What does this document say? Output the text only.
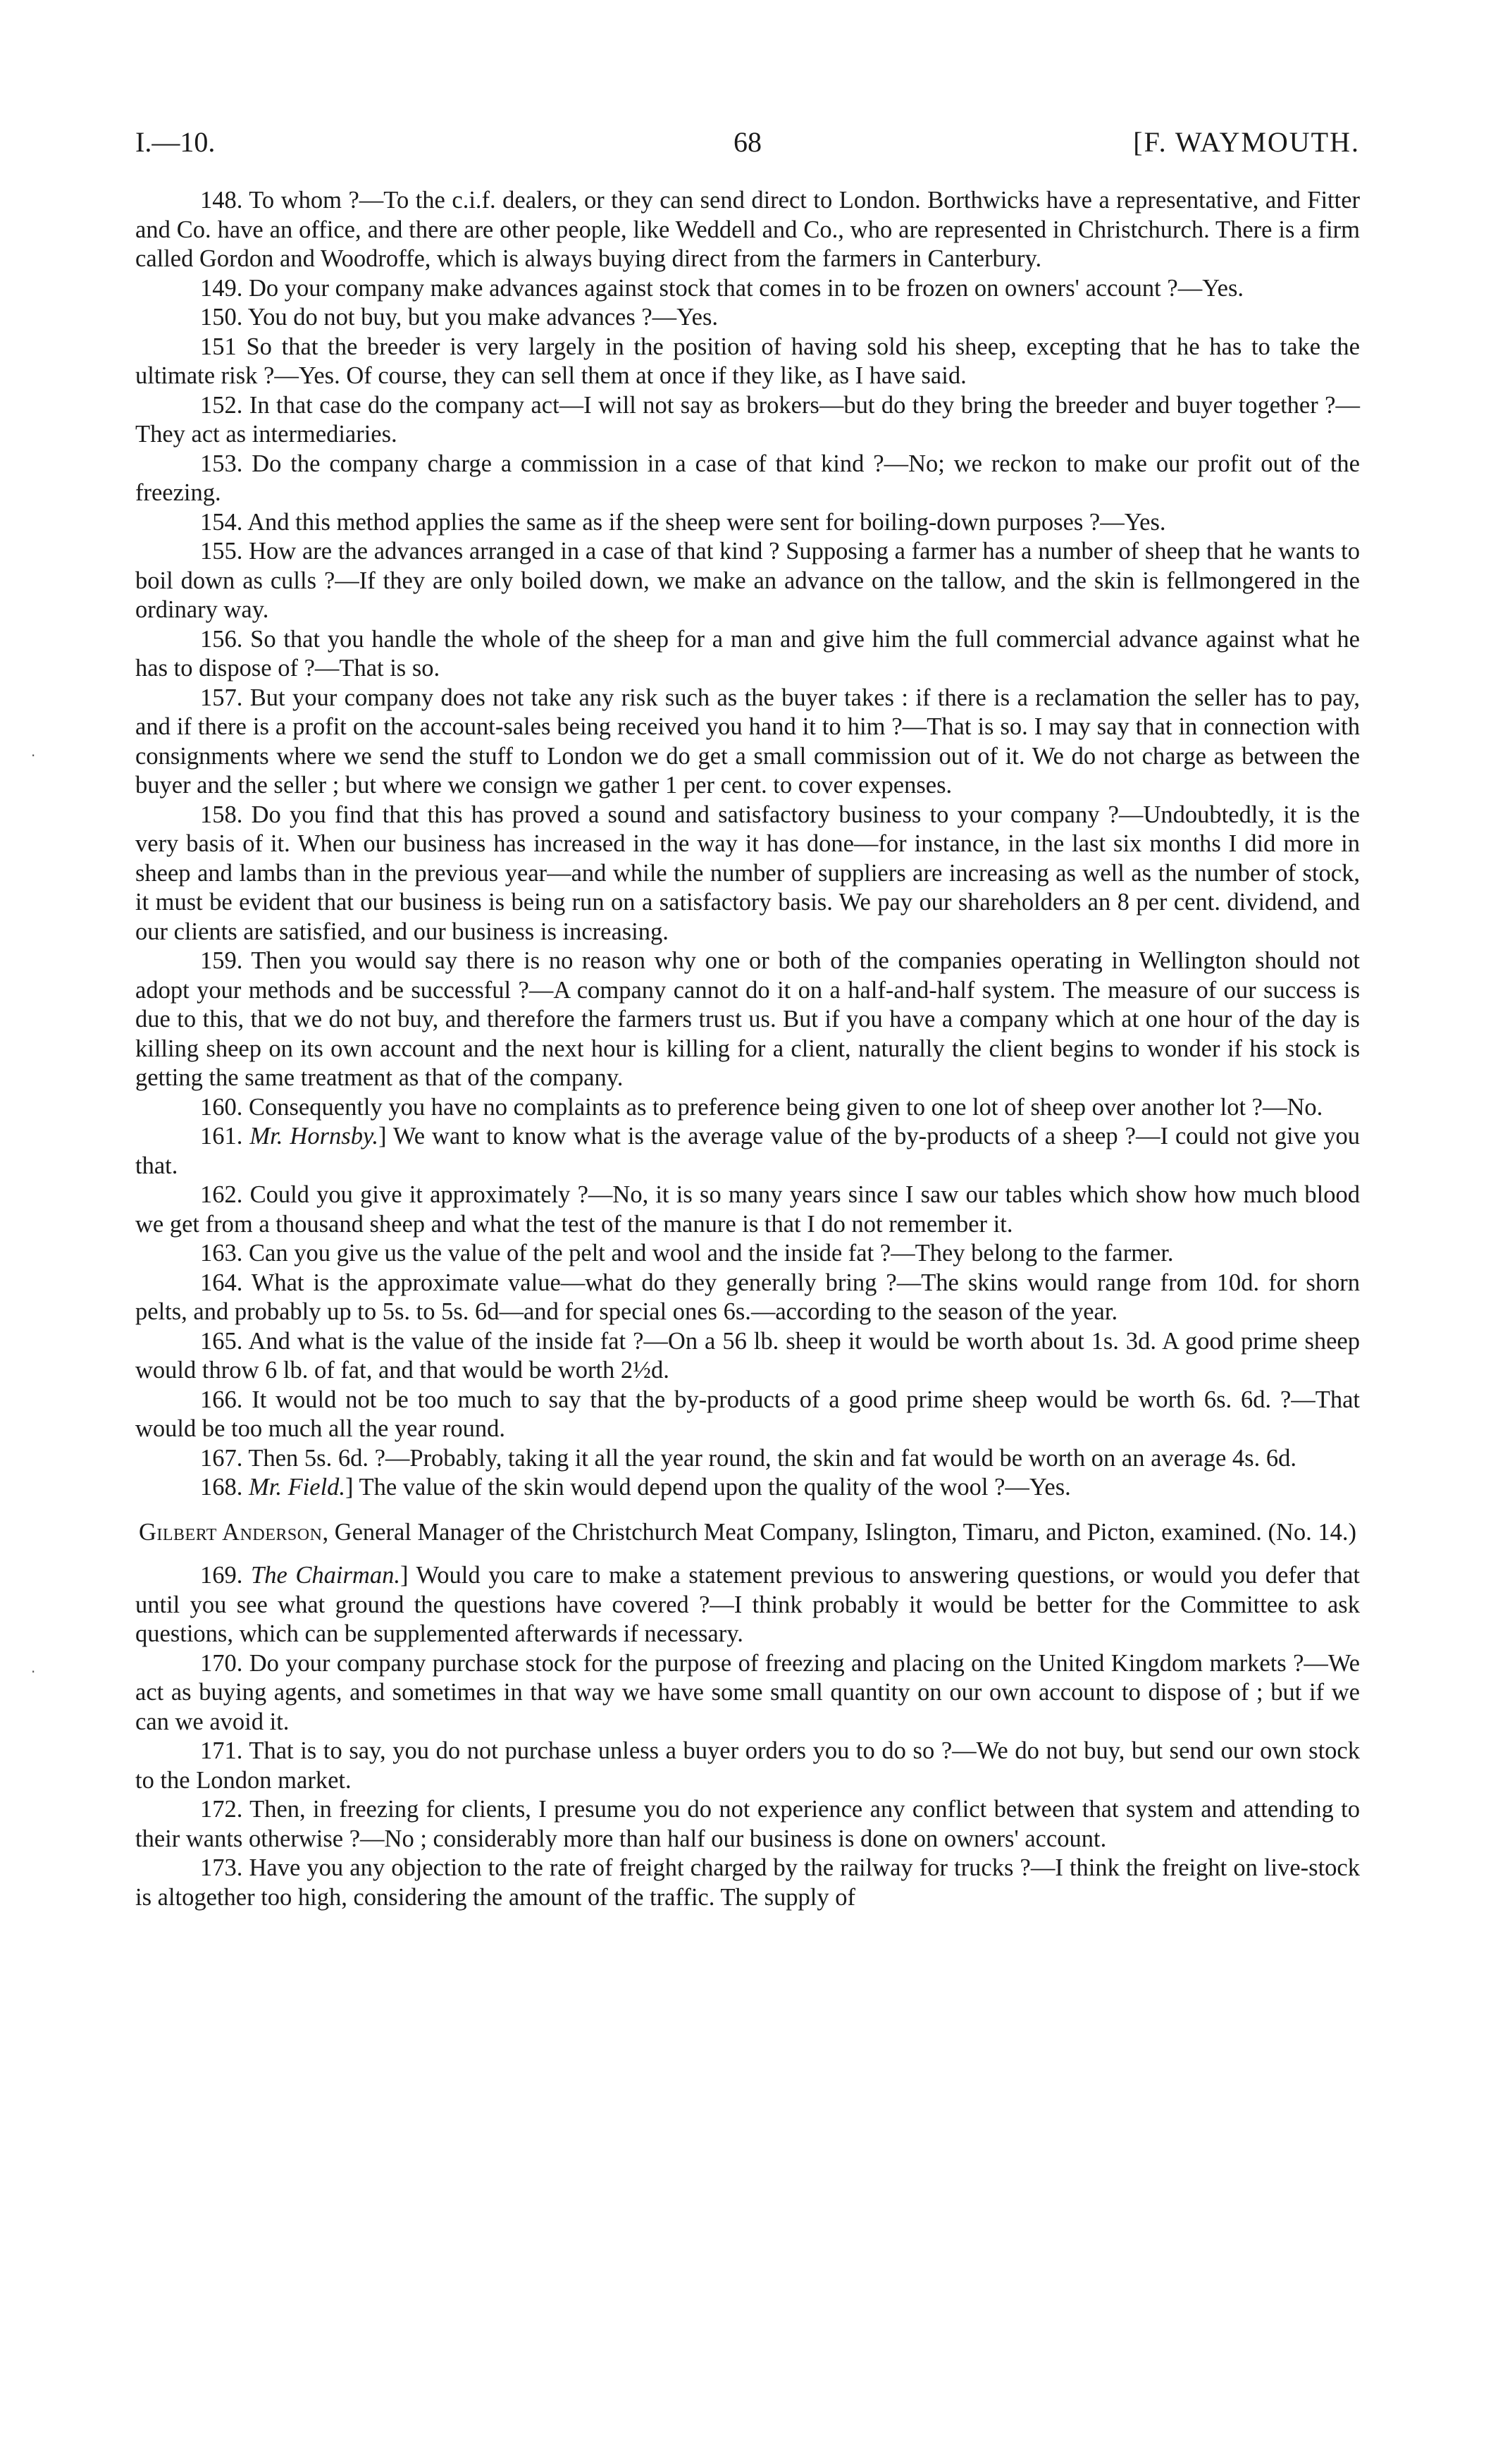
I.—10.	68	[F. WAYMOUTH.
·
·

148. To whom ?—To the c.i.f. dealers, or they can send direct to London. Borthwicks have a representative, and Fitter and Co. have an office, and there are other people, like Weddell and Co., who are represented in Christchurch. There is a firm called Gordon and Woodroffe, which is always buying direct from the farmers in Canterbury.

149. Do your company make advances against stock that comes in to be frozen on owners' account ?—Yes.

150. You do not buy, but you make advances ?—Yes.

151 So that the breeder is very largely in the position of having sold his sheep, excepting that he has to take the ultimate risk ?—Yes. Of course, they can sell them at once if they like, as I have said.

152. In that case do the company act—I will not say as brokers—but do they bring the breeder and buyer together ?—They act as intermediaries.

153. Do the company charge a commission in a case of that kind ?—No; we reckon to make our profit out of the freezing.

154. And this method applies the same as if the sheep were sent for boiling-down purposes ?—Yes.

155. How are the advances arranged in a case of that kind ? Supposing a farmer has a number of sheep that he wants to boil down as culls ?—If they are only boiled down, we make an advance on the tallow, and the skin is fellmongered in the ordinary way.

156. So that you handle the whole of the sheep for a man and give him the full commercial advance against what he has to dispose of ?—That is so.

157. But your company does not take any risk such as the buyer takes : if there is a reclamation the seller has to pay, and if there is a profit on the account-sales being received you hand it to him ?—That is so. I may say that in connection with consignments where we send the stuff to London we do get a small commission out of it. We do not charge as between the buyer and the seller ; but where we consign we gather 1 per cent. to cover expenses.

158. Do you find that this has proved a sound and satisfactory business to your company ?—Undoubtedly, it is the very basis of it. When our business has increased in the way it has done—for instance, in the last six months I did more in sheep and lambs than in the previous year—and while the number of suppliers are increasing as well as the number of stock, it must be evident that our business is being run on a satisfactory basis. We pay our shareholders an 8 per cent. dividend, and our clients are satisfied, and our business is increasing.

159. Then you would say there is no reason why one or both of the companies operating in Wellington should not adopt your methods and be successful ?—A company cannot do it on a half-and-half system. The measure of our success is due to this, that we do not buy, and therefore the farmers trust us. But if you have a company which at one hour of the day is killing sheep on its own account and the next hour is killing for a client, naturally the client begins to wonder if his stock is getting the same treatment as that of the company.

160. Consequently you have no complaints as to preference being given to one lot of sheep over another lot ?—No.

161. Mr. Hornsby.] We want to know what is the average value of the by-products of a sheep ?—I could not give you that.

162. Could you give it approximately ?—No, it is so many years since I saw our tables which show how much blood we get from a thousand sheep and what the test of the manure is that I do not remember it.

163. Can you give us the value of the pelt and wool and the inside fat ?—They belong to the farmer.

164. What is the approximate value—what do they generally bring ?—The skins would range from 10d. for shorn pelts, and probably up to 5s. to 5s. 6d—and for special ones 6s.—according to the season of the year.

165. And what is the value of the inside fat ?—On a 56 lb. sheep it would be worth about 1s. 3d. A good prime sheep would throw 6 lb. of fat, and that would be worth 2½d.

166. It would not be too much to say that the by-products of a good prime sheep would be worth 6s. 6d. ?—That would be too much all the year round.

167. Then 5s. 6d. ?—Probably, taking it all the year round, the skin and fat would be worth on an average 4s. 6d.

168. Mr. Field.] The value of the skin would depend upon the quality of the wool ?—Yes.

Gilbert Anderson, General Manager of the Christchurch Meat Company, Islington, Timaru, and Picton, examined. (No. 14.)

169. The Chairman.] Would you care to make a statement previous to answering questions, or would you defer that until you see what ground the questions have covered ?—I think probably it would be better for the Committee to ask questions, which can be supplemented afterwards if necessary.

170. Do your company purchase stock for the purpose of freezing and placing on the United Kingdom markets ?—We act as buying agents, and sometimes in that way we have some small quantity on our own account to dispose of ; but if we can we avoid it.

171. That is to say, you do not purchase unless a buyer orders you to do so ?—We do not buy, but send our own stock to the London market.

172. Then, in freezing for clients, I presume you do not experience any conflict between that system and attending to their wants otherwise ?—No ; considerably more than half our business is done on owners' account.

173. Have you any objection to the rate of freight charged by the railway for trucks ?—I think the freight on live-stock is altogether too high, considering the amount of the traffic. The supply of
